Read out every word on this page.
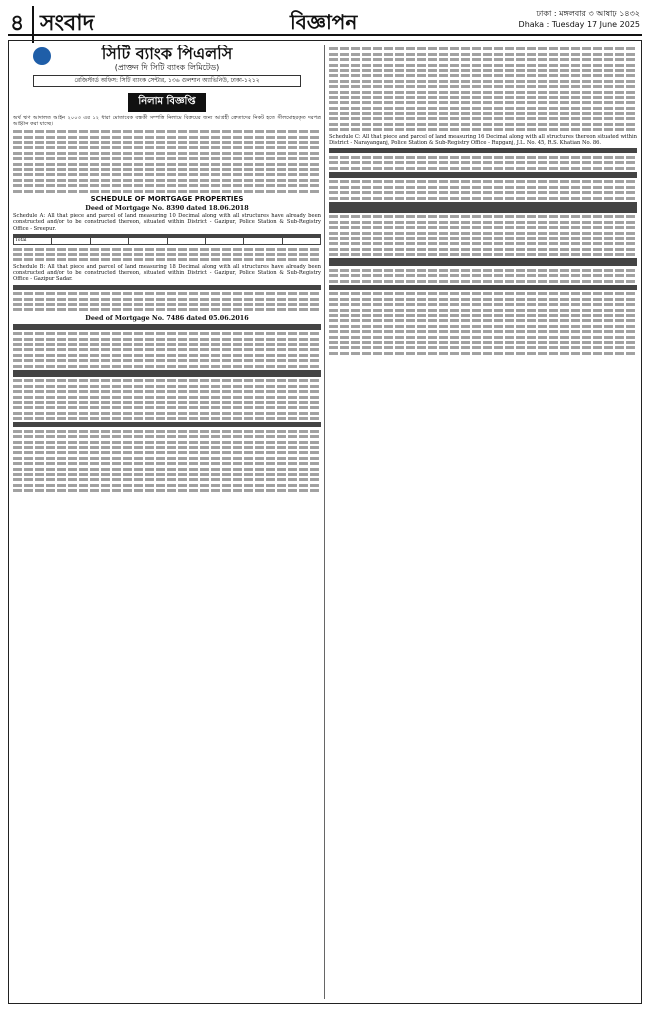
৪ সংবাদ	বিজ্ঞাপন	ঢাকা : মঙ্গলবার ৩ আষাঢ় ১৪৩২
Dhaka : Tuesday 17 June 2025
সিটি ব্যাংক পিএলসি
(প্রাক্তন দি সিটি ব্যাংক লিমিটেড)
রেজিস্টার্ড অফিস: সিটি ব্যাংক সেন্টার, ১৩৬ গুলশান অ্যাভিনিউ, ঢাকা-১২১২
নিলাম বিজ্ঞপ্তি

অর্থ ঋণ আদালত আইন ২০০৩ এর ১২ ধারা মোতাবেক বন্ধকী সম্পত্তি নিলামে বিক্রয়ের জন্য আগ্রহী ক্রেতাদের নিকট হতে সীলমোহরকৃত দরপত্র আহ্বান করা যাচ্ছে।

SCHEDULE OF MORTGAGE PROPERTIES
Deed of Mortgage No. 8390 dated 18.06.2018

Schedule A: All that piece and parcel of land measuring 10 Decimal along with all structures have already been constructed and/or to be constructed thereon, situated within District - Gazipur, Police Station & Sub-Registry Office - Sreepur.

Total							

Schedule B: All that piece and parcel of land measuring 18 Decimal along with all structures have already been constructed and/or to be constructed thereon, situated within District - Gazipur, Police Station & Sub-Registry Office - Gazipur Sadar.

Deed of Mortgage No. 7486 dated 05.06.2016

Schedule C: All that piece and parcel of land measuring 16 Decimal along with all structures thereon situated within District - Narayanganj, Police Station & Sub-Registry Office - Rupganj, J.L. No. 45, R.S. Khatian No. 86.
